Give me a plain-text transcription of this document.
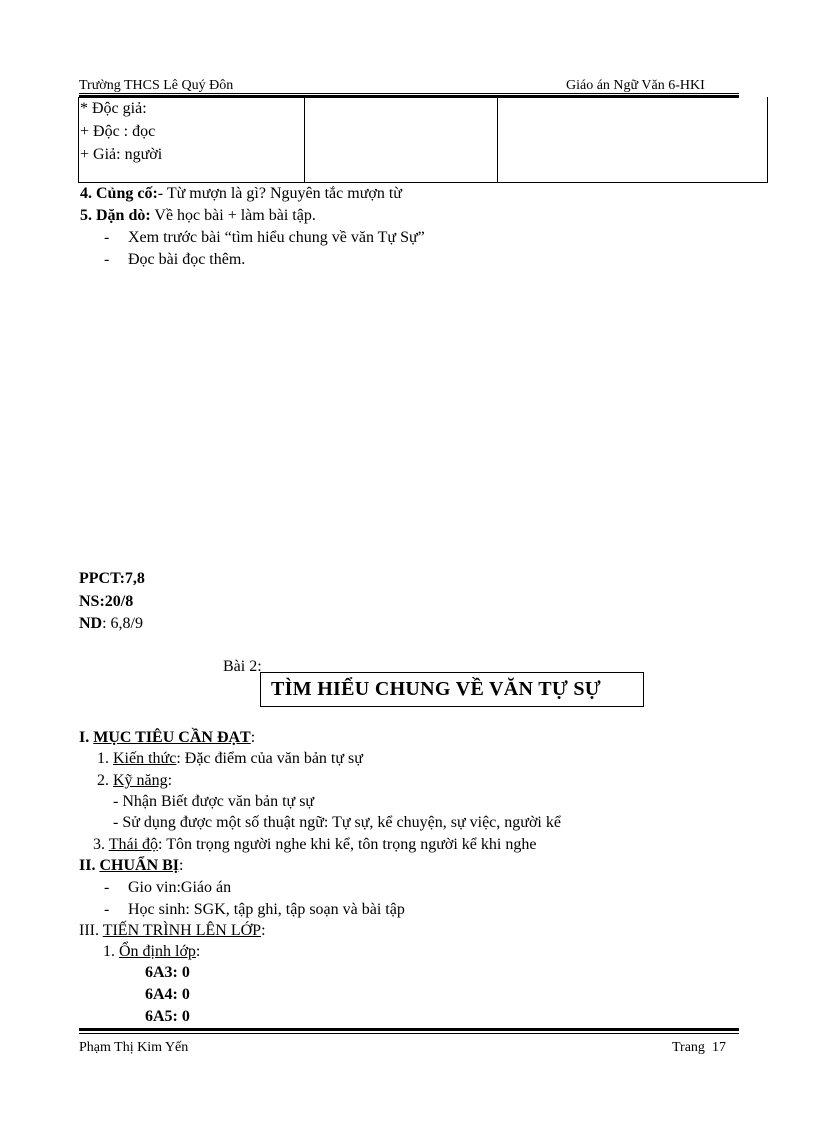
Trường THCS Lê Quý Đôn	Giáo án Ngữ Văn 6-HKI
* Độc giả:
+ Độc : đọc
+ Giả: người
4. Củng cố:- Từ mượn là gì? Nguyên tắc mượn từ
5. Dặn dò: Về học bài + làm bài tập.
- Xem trước bài “tìm hiểu chung về văn Tự Sự”
- Đọc bài đọc thêm.
PPCT:7,8
NS:20/8
ND: 6,8/9
Bài 2:
TÌM HIỂU CHUNG VỀ VĂN TỰ SỰ
I. MỤC TIÊU CẦN ĐẠT:
1. Kiến thức: Đặc điểm của văn bản tự sự
2. Kỹ năng:
- Nhận Biết được văn bản tự sự
- Sử dụng được một số thuật ngữ: Tự sự, kể chuyện, sự việc, người kể
3. Thái độ: Tôn trọng người nghe khi kể, tôn trọng người kể khi nghe
II. CHUẨN BỊ:
- Gio vin:Giáo án
- Học sinh: SGK, tập ghi, tập soạn và bài tập
III. TIẾN TRÌNH LÊN LỚP:
1. Ổn định lớp:
6A3: 0
6A4: 0
6A5: 0
Phạm Thị Kim Yến	Trang 17
